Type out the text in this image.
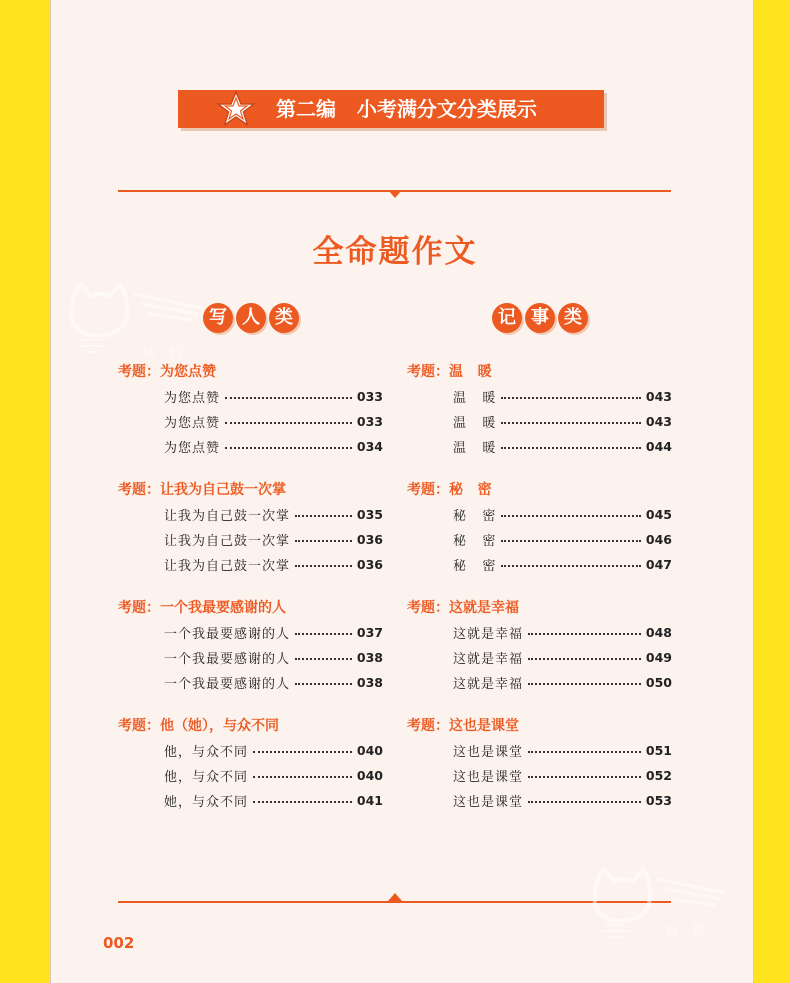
第二编   小考满分文分类展示
全命题作文
写 人 类	记 事 类
考题：为您点赞
为您点赞	033
为您点赞	033
为您点赞	034
考题：让我为自己鼓一次掌
让我为自己鼓一次掌	035
让我为自己鼓一次掌	036
让我为自己鼓一次掌	036
考题：一个我最要感谢的人
一个我最要感谢的人	037
一个我最要感谢的人	038
一个我最要感谢的人	038
考题：他（她），与众不同
他，与众不同	040
他，与众不同	040
她，与众不同	041
考题：温   暖
温   暖	043
温   暖	043
温   暖	044
考题：秘   密
秘   密	045
秘   密	046
秘   密	047
考题：这就是幸福
这就是幸福	048
这就是幸福	049
这就是幸福	050
考题：这也是课堂
这也是课堂	051
这也是课堂	052
这也是课堂	053
002

秋 树

秋 树
